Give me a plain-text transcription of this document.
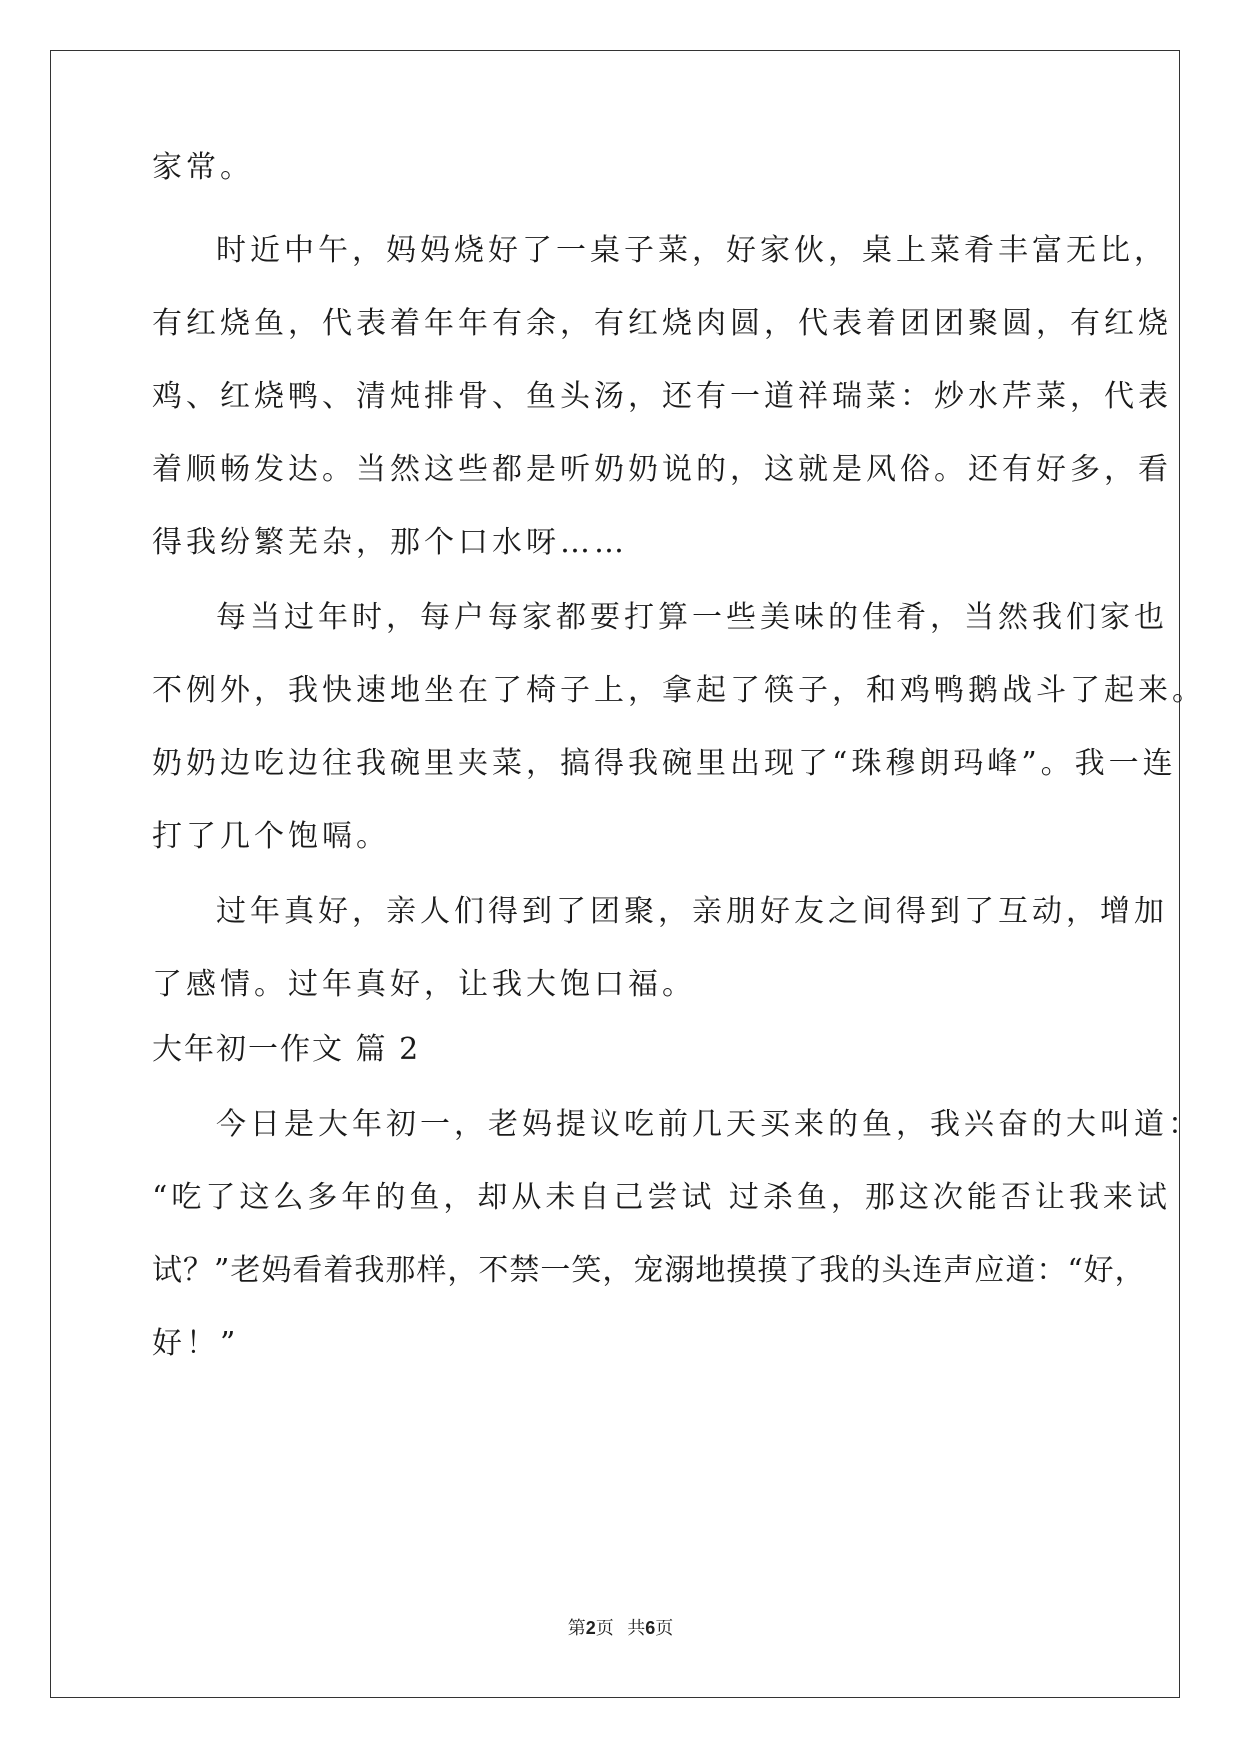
家常。
时近中午，妈妈烧好了一桌子菜，好家伙，桌上菜肴丰富无比，
有红烧鱼，代表着年年有余，有红烧肉圆，代表着团团聚圆，有红烧
鸡、红烧鸭、清炖排骨、鱼头汤，还有一道祥瑞菜：炒水芹菜，代表
着顺畅发达。当然这些都是听奶奶说的，这就是风俗。还有好多，看
得我纷繁芜杂，那个口水呀……
每当过年时，每户每家都要打算一些美味的佳肴，当然我们家也
不例外，我快速地坐在了椅子上，拿起了筷子，和鸡鸭鹅战斗了起来。
奶奶边吃边往我碗里夹菜，搞得我碗里出现了“珠穆朗玛峰”。我一连
打了几个饱嗝。
过年真好，亲人们得到了团聚，亲朋好友之间得到了互动，增加
了感情。过年真好，让我大饱口福。
大年初一作文 篇 2
今日是大年初一，老妈提议吃前几天买来的鱼，我兴奋的大叫道：
“吃了这么多年的鱼，却从未自己尝试 过杀鱼，那这次能否让我来试
试？”老妈看着我那样，不禁一笑，宠溺地摸摸了我的头连声应道：“好，
好！”
第2页 共6页
